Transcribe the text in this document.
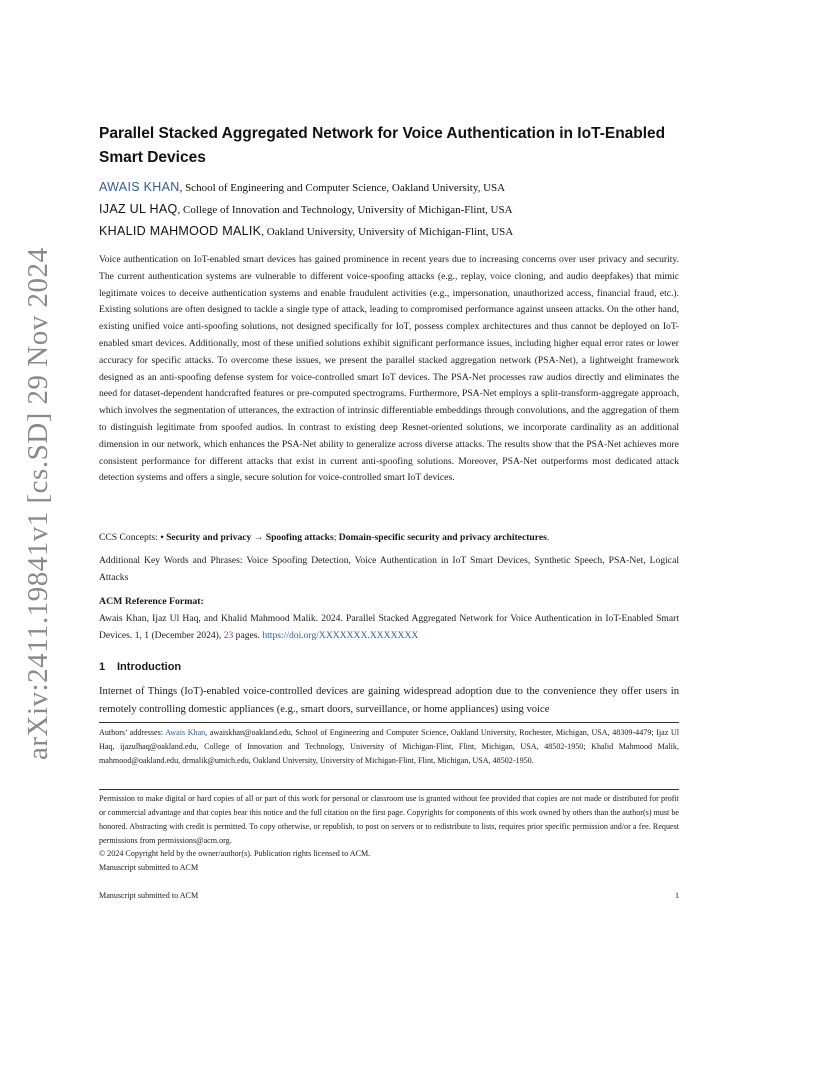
arXiv:2411.19841v1 [cs.SD] 29 Nov 2024
Parallel Stacked Aggregated Network for Voice Authentication in IoT-Enabled Smart Devices
AWAIS KHAN, School of Engineering and Computer Science, Oakland University, USA
IJAZ UL HAQ, College of Innovation and Technology, University of Michigan-Flint, USA
KHALID MAHMOOD MALIK, Oakland University, University of Michigan-Flint, USA
Voice authentication on IoT-enabled smart devices has gained prominence in recent years due to increasing concerns over user privacy and security. The current authentication systems are vulnerable to different voice-spoofing attacks (e.g., replay, voice cloning, and audio deepfakes) that mimic legitimate voices to deceive authentication systems and enable fraudulent activities (e.g., impersonation, unauthorized access, financial fraud, etc.). Existing solutions are often designed to tackle a single type of attack, leading to compromised performance against unseen attacks. On the other hand, existing unified voice anti-spoofing solutions, not designed specifically for IoT, possess complex architectures and thus cannot be deployed on IoT-enabled smart devices. Additionally, most of these unified solutions exhibit significant performance issues, including higher equal error rates or lower accuracy for specific attacks. To overcome these issues, we present the parallel stacked aggregation network (PSA-Net), a lightweight framework designed as an anti-spoofing defense system for voice-controlled smart IoT devices. The PSA-Net processes raw audios directly and eliminates the need for dataset-dependent handcrafted features or pre-computed spectrograms. Furthermore, PSA-Net employs a split-transform-aggregate approach, which involves the segmentation of utterances, the extraction of intrinsic differentiable embeddings through convolutions, and the aggregation of them to distinguish legitimate from spoofed audios. In contrast to existing deep Resnet-oriented solutions, we incorporate cardinality as an additional dimension in our network, which enhances the PSA-Net ability to generalize across diverse attacks. The results show that the PSA-Net achieves more consistent performance for different attacks that exist in current anti-spoofing solutions. Moreover, PSA-Net outperforms most dedicated attack detection systems and offers a single, secure solution for voice-controlled smart IoT devices.
CCS Concepts: • Security and privacy → Spoofing attacks; Domain-specific security and privacy architectures.
Additional Key Words and Phrases: Voice Spoofing Detection, Voice Authentication in IoT Smart Devices, Synthetic Speech, PSA-Net, Logical Attacks
ACM Reference Format:
Awais Khan, Ijaz Ul Haq, and Khalid Mahmood Malik. 2024. Parallel Stacked Aggregated Network for Voice Authentication in IoT-Enabled Smart Devices. 1, 1 (December 2024), 23 pages. https://doi.org/XXXXXXX.XXXXXXX
1 Introduction
Internet of Things (IoT)-enabled voice-controlled devices are gaining widespread adoption due to the convenience they offer users in remotely controlling domestic appliances (e.g., smart doors, surveillance, or home appliances) using voice
Authors’ addresses: Awais Khan, awaiskhan@oakland.edu, School of Engineering and Computer Science, Oakland University, Rochester, Michigan, USA, 48309-4479; Ijaz Ul Haq, ijazulhaq@oakland.edu, College of Innovation and Technology, University of Michigan-Flint, Flint, Michigan, USA, 48502-1950; Khalid Mahmood Malik, mahmood@oakland.edu, drmalik@umich.edu, Oakland University, University of Michigan-Flint, Flint, Michigan, USA, 48502-1950.
Permission to make digital or hard copies of all or part of this work for personal or classroom use is granted without fee provided that copies are not made or distributed for profit or commercial advantage and that copies bear this notice and the full citation on the first page. Copyrights for components of this work owned by others than the author(s) must be honored. Abstracting with credit is permitted. To copy otherwise, or republish, to post on servers or to redistribute to lists, requires prior specific permission and/or a fee. Request permissions from permissions@acm.org.
© 2024 Copyright held by the owner/author(s). Publication rights licensed to ACM.
Manuscript submitted to ACM
Manuscript submitted to ACM	1
